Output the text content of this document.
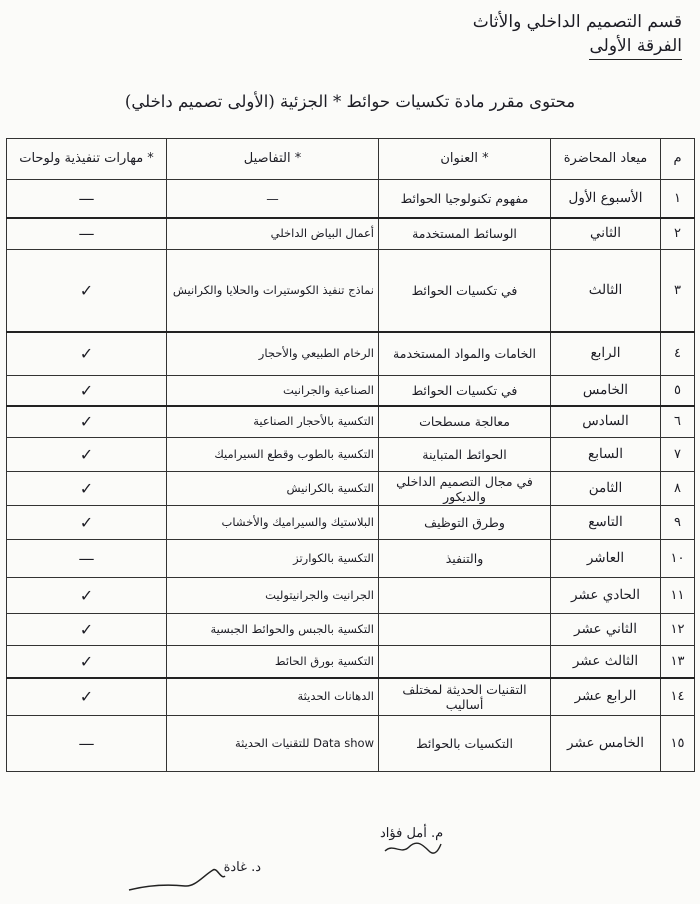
قسم التصميم الداخلي والأثاث
الفرقة الأولى
محتوى مقرر مادة تكسيات حوائط * الجزئية (الأولى تصميم داخلي)
م	ميعاد المحاضرة	* العنوان	* التفاصيل	* مهارات تنفيذية ولوحات
١	الأسبوع الأول	مفهوم تكنولوجيا الحوائط	—	—
٢	الثاني	الوسائط المستخدمة	أعمال البياض الداخلي	—
٣	الثالث	في تكسيات الحوائط	نماذج تنفيذ الكوستيرات والحلايا والكرانيش	✓
٤	الرابع	الخامات والمواد المستخدمة	الرخام الطبيعي والأحجار	✓
٥	الخامس	في تكسيات الحوائط	الصناعية والجرانيت	✓
٦	السادس	معالجة مسطحات	التكسية بالأحجار الصناعية	✓
٧	السابع	الحوائط المتباينة	التكسية بالطوب وقطع السيراميك	✓
٨	الثامن	في مجال التصميم الداخلي والديكور	التكسية بالكرانيش	✓
٩	التاسع	وطرق التوظيف	البلاستيك والسيراميك والأخشاب	✓
١٠	العاشر	والتنفيذ	التكسية بالكوارتز	—
١١	الحادي عشر		الجرانيت والجرانيتوليت	✓
١٢	الثاني عشر		التكسية بالجبس والحوائط الجبسية	✓
١٣	الثالث عشر		التكسية بورق الحائط	✓
١٤	الرابع عشر	التقنيات الحديثة لمختلف أساليب	الدهانات الحديثة	✓
١٥	الخامس عشر	التكسيات بالحوائط	Data show للتقنيات الحديثة	—
م. أمل فؤاد
د. غادة
